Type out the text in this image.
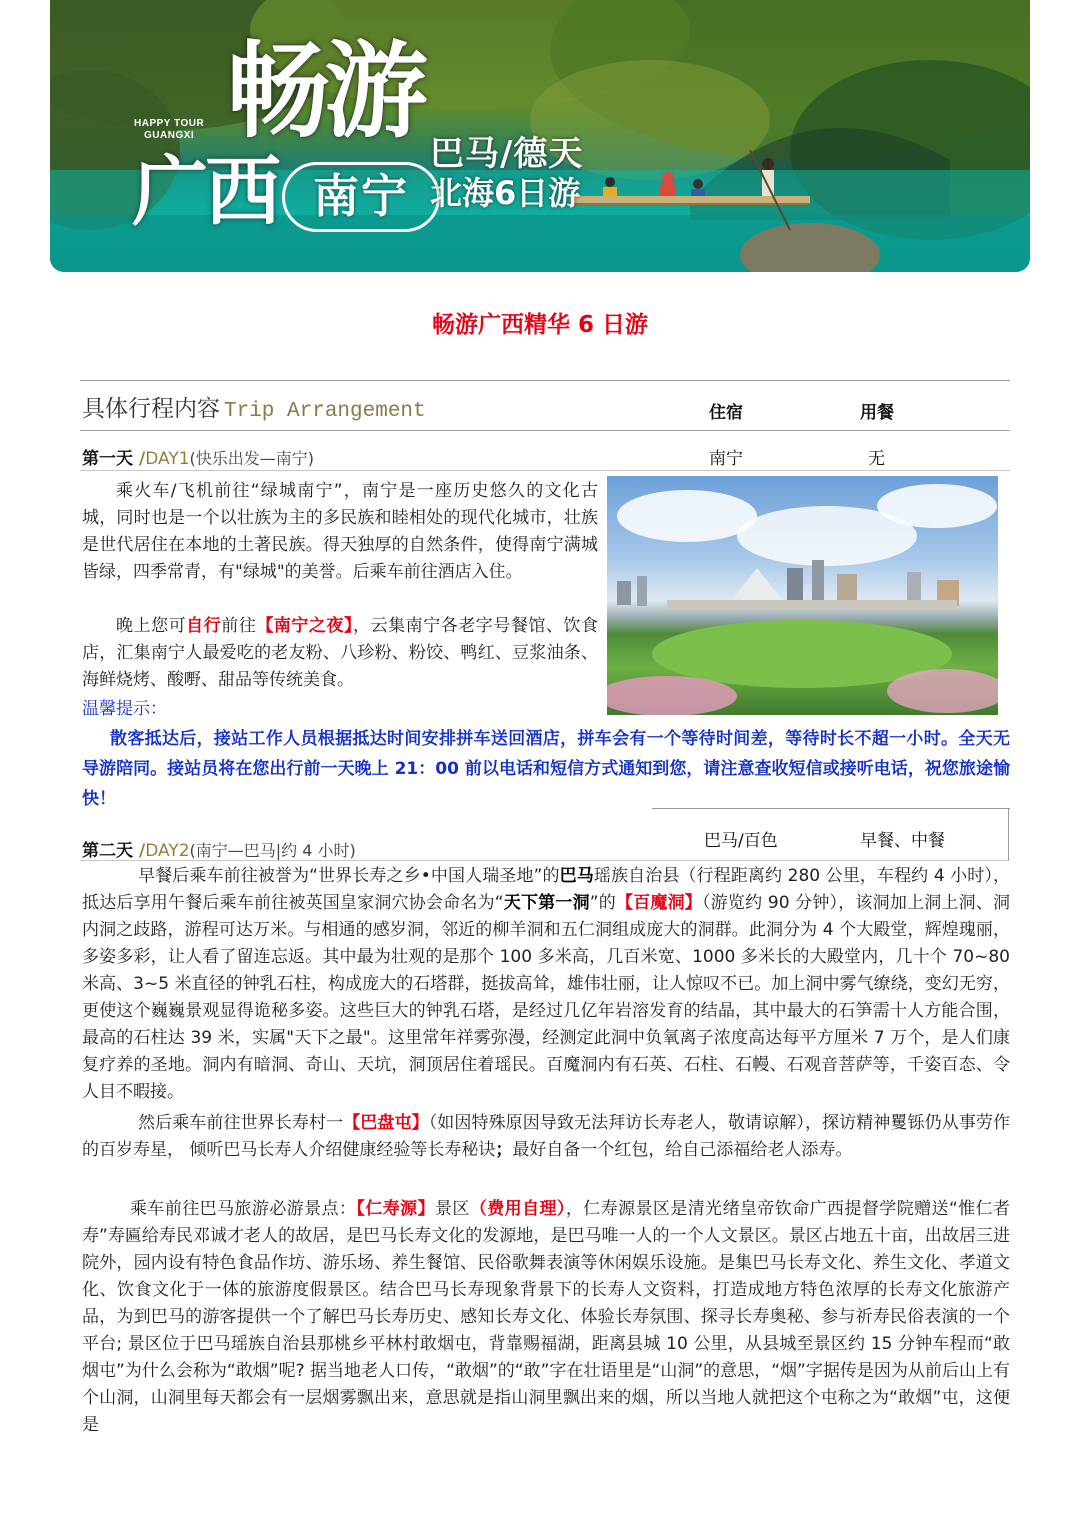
HAPPY TOUR
GUANGXI 畅游
广西 南宁
巴马/德天
北海6日游
畅游广西精华 6 日游
具体行程内容 Trip Arrangement	住宿	用餐
第一天 /DAY1(快乐出发—南宁)	南宁	无
乘火车/飞机前往“绿城南宁”，南宁是一座历史悠久的文化古城，同时也是一个以壮族为主的多民族和睦相处的现代化城市，壮族是世代居住在本地的土著民族。得天独厚的自然条件，使得南宁满城皆绿，四季常青，有"绿城"的美誉。后乘车前往酒店入住。
晚上您可自行前往【南宁之夜】，云集南宁各老字号餐馆、饮食店，汇集南宁人最爱吃的老友粉、八珍粉、粉饺、鸭红、豆浆油条、海鲜烧烤、酸嘢、甜品等传统美食。
温馨提示：
散客抵达后，接站工作人员根据抵达时间安排拼车送回酒店，拼车会有一个等待时间差，等待时长不超一小时。全天无导游陪同。接站员将在您出行前一天晚上 21：00 前以电话和短信方式通知到您，请注意查收短信或接听电话，祝您旅途愉快！
第二天 /DAY2(南宁—巴马|约 4 小时)	巴马/百色	早餐、中餐
早餐后乘车前往被誉为“世界长寿之乡•中国人瑞圣地”的巴马瑶族自治县（行程距离约 280 公里，车程约 4 小时），抵达后享用午餐后乘车前往被英国皇家洞穴协会命名为“天下第一洞”的【百魔洞】（游览约 90 分钟），该洞加上洞上洞、洞内洞之歧路，游程可达万米。与相通的感岁洞，邻近的柳羊洞和五仁洞组成庞大的洞群。此洞分为 4 个大殿堂，辉煌瑰丽，多姿多彩，让人看了留连忘返。其中最为壮观的是那个 100 多米高，几百米宽、1000 多米长的大殿堂内，几十个 70~80 米高、3~5 米直径的钟乳石柱，构成庞大的石塔群，挺拔高耸，雄伟壮丽，让人惊叹不已。加上洞中雾气缭绕，变幻无穷，更使这个巍巍景观显得诡秘多姿。这些巨大的钟乳石塔，是经过几亿年岩溶发育的结晶，其中最大的石笋需十人方能合围，最高的石柱达 39 米，实属"天下之最"。这里常年祥雾弥漫，经测定此洞中负氧离子浓度高达每平方厘米 7 万个，是人们康复疗养的圣地。洞内有暗洞、奇山、天坑，洞顶居住着瑶民。百魔洞内有石英、石柱、石幔、石观音菩萨等，千姿百态、令人目不暇接。
然后乘车前往世界长寿村一【巴盘屯】（如因特殊原因导致无法拜访长寿老人，敬请谅解），探访精神矍铄仍从事劳作的百岁寿星， 倾听巴马长寿人介绍健康经验等长寿秘诀；最好自备一个红包，给自己添福给老人添寿。
乘车前往巴马旅游必游景点：【仁寿源】景区（费用自理），仁寿源景区是清光绪皇帝钦命广西提督学院赠送“惟仁者寿”寿匾给寿民邓诚才老人的故居，是巴马长寿文化的发源地，是巴马唯一人的一个人文景区。景区占地五十亩，出故居三进院外，园内设有特色食品作坊、游乐场、养生餐馆、民俗歌舞表演等休闲娱乐设施。是集巴马长寿文化、养生文化、孝道文化、饮食文化于一体的旅游度假景区。结合巴马长寿现象背景下的长寿人文资料，打造成地方特色浓厚的长寿文化旅游产品，为到巴马的游客提供一个了解巴马长寿历史、感知长寿文化、体验长寿氛围、探寻长寿奥秘、参与祈寿民俗表演的一个平台; 景区位于巴马瑶族自治县那桃乡平林村敢烟屯，背靠赐福湖，距离县城 10 公里，从县城至景区约 15 分钟车程而“敢烟屯”为什么会称为“敢烟”呢? 据当地老人口传，“敢烟”的“敢”字在壮语里是“山洞”的意思，“烟”字据传是因为从前后山上有个山洞，山洞里每天都会有一层烟雾飘出来，意思就是指山洞里飘出来的烟，所以当地人就把这个屯称之为“敢烟”屯，这便是
